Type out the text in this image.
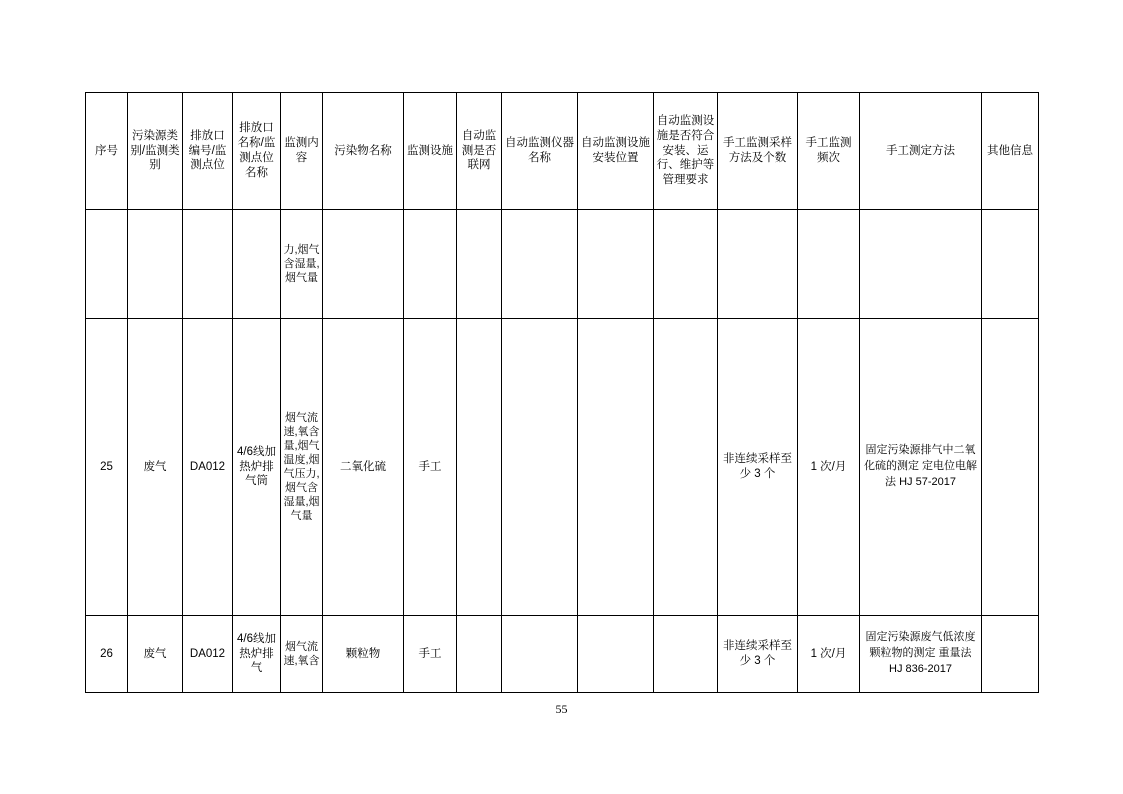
序号	污染源类别/监测类别	排放口编号/监测点位	排放口名称/监测点位名称	监测内容	污染物名称	监测设施	自动监测是否联网	自动监测仪器名称	自动监测设施安装位置	自动监测设施是否符合安装、运行、维护等管理要求	手工监测采样方法及个数	手工监测频次	手工测定方法	其他信息
				力,烟气含湿量,烟气量										
25	废气	DA012	4/6线加热炉排气筒	烟气流速,氧含量,烟气温度,烟气压力,烟气含湿量,烟气量	二氧化硫	手工					非连续采样至少 3 个	1 次/月	固定污染源排气中二氧化硫的测定 定电位电解法 HJ 57-2017	
26	废气	DA012	4/6线加热炉排气	烟气流速,氧含	颗粒物	手工					非连续采样至少 3 个	1 次/月	固定污染源废气低浓度颗粒物的测定 重量法 HJ 836-2017	
55
